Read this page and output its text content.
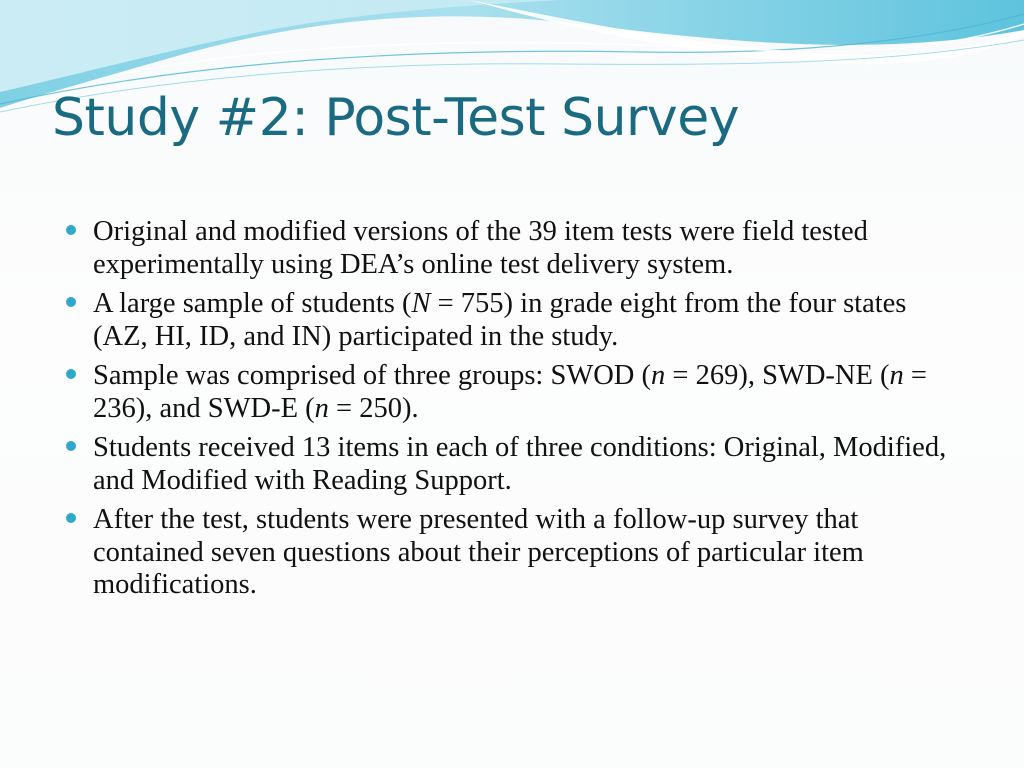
Study #2: Post-Test Survey
Original and modified versions of the 39 item tests were field tested experimentally using DEA’s online test delivery system.
A large sample of students (N = 755) in grade eight from the four states (AZ, HI, ID, and IN) participated in the study.
Sample was comprised of three groups: SWOD (n = 269), SWD-NE (n = 236), and SWD-E (n = 250).
Students received 13 items in each of three conditions: Original, Modified, and Modified with Reading Support.
After the test, students were presented with a follow-up survey that contained seven questions about their perceptions of particular item modifications.
